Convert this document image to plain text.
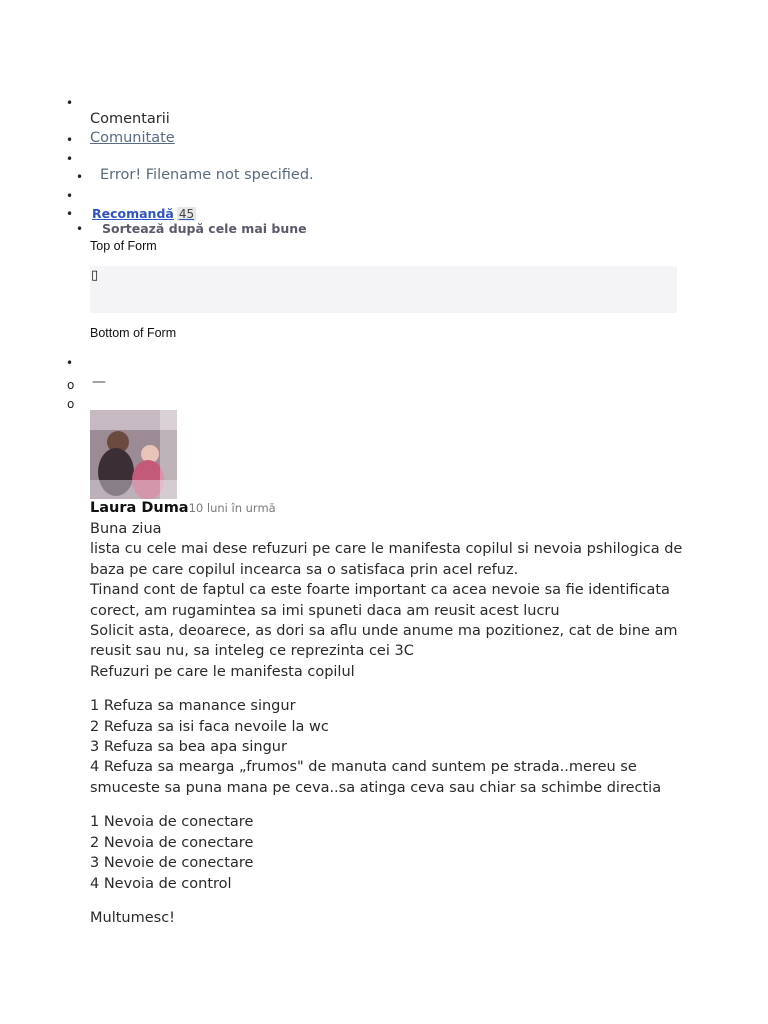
•
•
•
•
•
•
•
•
o
o
Comentarii
Comunitate
Error! Filename not specified.
Recomandă 45
Sortează după cele mai bune
Top of Form
▯
Bottom of Form
—
Laura Duma10 luni în urmă

Buna ziua

lista cu cele mai dese refuzuri pe care le manifesta copilul si nevoia pshilogica de baza pe care copilul incearca sa o satisfaca prin acel refuz.

Tinand cont de faptul ca este foarte important ca acea nevoie sa fie identificata corect, am rugamintea sa imi spuneti daca am reusit acest lucru

Solicit asta, deoarece, as dori sa aflu unde anume ma pozitionez, cat de bine am reusit sau nu, sa inteleg ce reprezinta cei 3C

Refuzuri pe care le manifesta copilul

1 Refuza sa manance singur

2 Refuza sa isi faca nevoile la wc

3 Refuza sa bea apa singur

4 Refuza sa mearga „frumos" de manuta cand suntem pe strada..mereu se smuceste sa puna mana pe ceva..sa atinga ceva sau chiar sa schimbe directia

1 Nevoia de conectare

2 Nevoia de conectare

3 Nevoie de conectare

4 Nevoia de control

Multumesc!
